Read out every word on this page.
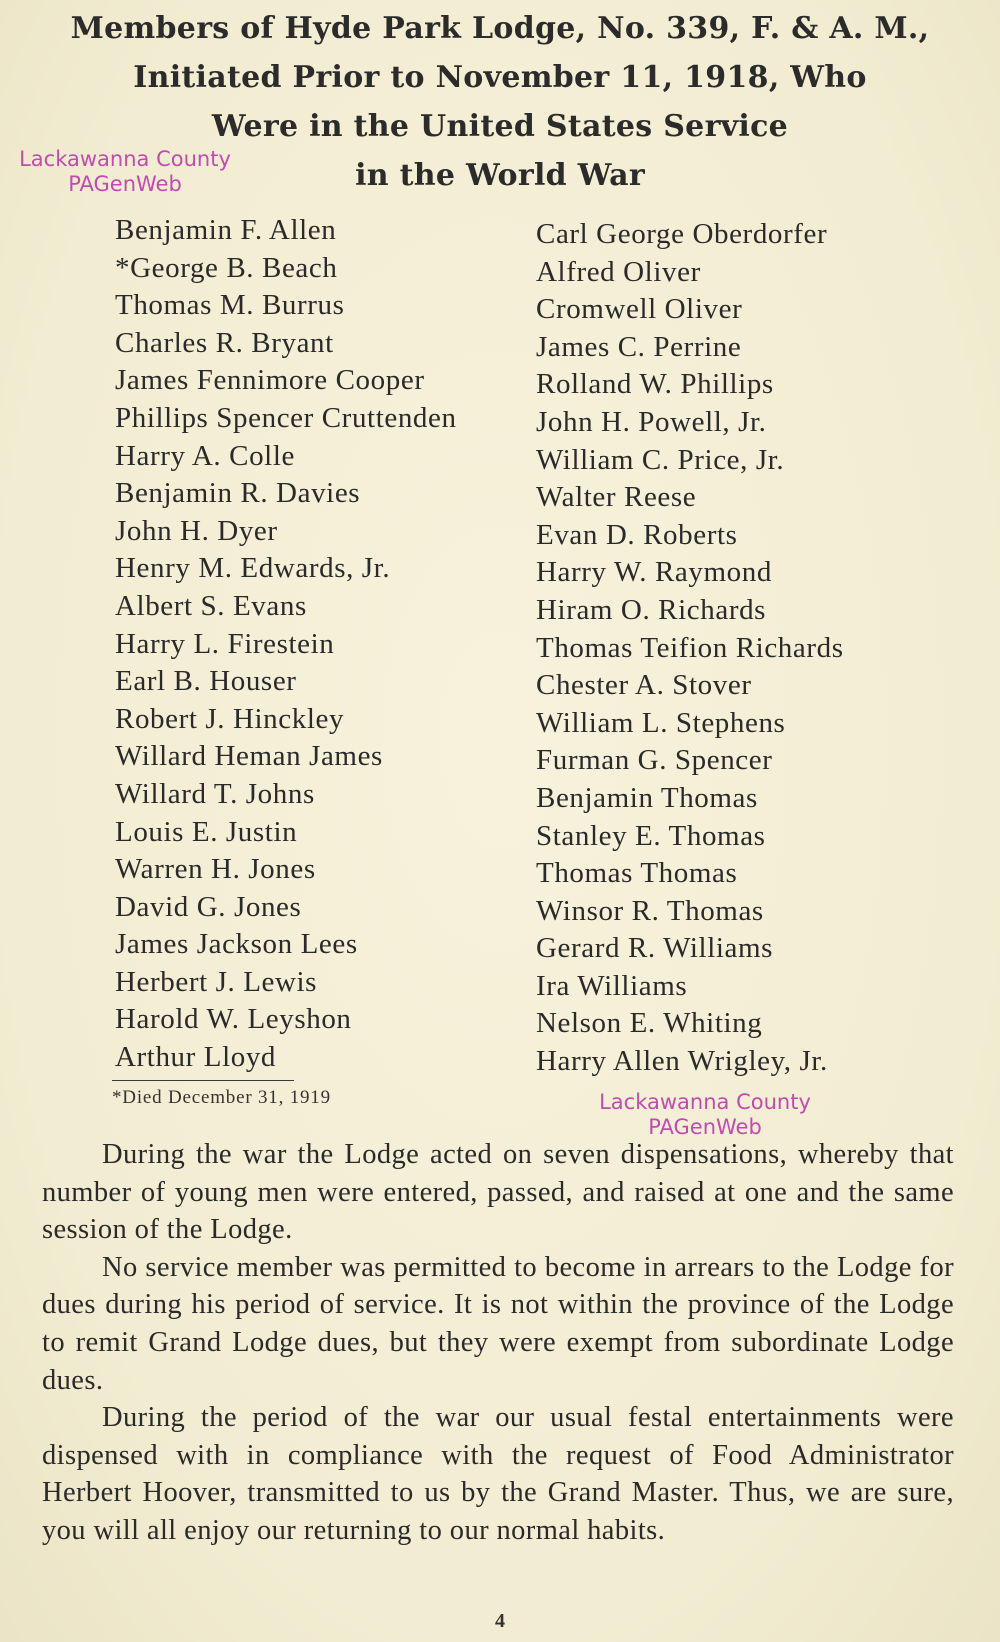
Members of Hyde Park Lodge, No. 339, F. & A. M.,
Initiated Prior to November 11, 1918, Who
Were in the United States Service
in the World War
Lackawanna County
PAGenWeb
Benjamin F. Allen
*George B. Beach
Thomas M. Burrus
Charles R. Bryant
James Fennimore Cooper
Phillips Spencer Cruttenden
Harry A. Colle
Benjamin R. Davies
John H. Dyer
Henry M. Edwards, Jr.
Albert S. Evans
Harry L. Firestein
Earl B. Houser
Robert J. Hinckley
Willard Heman James
Willard T. Johns
Louis E. Justin
Warren H. Jones
David G. Jones
James Jackson Lees
Herbert J. Lewis
Harold W. Leyshon
Arthur Lloyd
Carl George Oberdorfer
Alfred Oliver
Cromwell Oliver
James C. Perrine
Rolland W. Phillips
John H. Powell, Jr.
William C. Price, Jr.
Walter Reese
Evan D. Roberts
Harry W. Raymond
Hiram O. Richards
Thomas Teifion Richards
Chester A. Stover
William L. Stephens
Furman G. Spencer
Benjamin Thomas
Stanley E. Thomas
Thomas Thomas
Winsor R. Thomas
Gerard R. Williams
Ira Williams
Nelson E. Whiting
Harry Allen Wrigley, Jr.
*Died December 31, 1919	Lackawanna County
PAGenWeb

During the war the Lodge acted on seven dispensations, whereby that number of young men were entered, passed, and raised at one and the same session of the Lodge.

No service member was permitted to become in arrears to the Lodge for dues during his period of service. It is not within the province of the Lodge to remit Grand Lodge dues, but they were exempt from subordinate Lodge dues.

During the period of the war our usual festal entertainments were dispensed with in compliance with the request of Food Administrator Herbert Hoover, transmitted to us by the Grand Master. Thus, we are sure, you will all enjoy our returning to our normal habits.

4
